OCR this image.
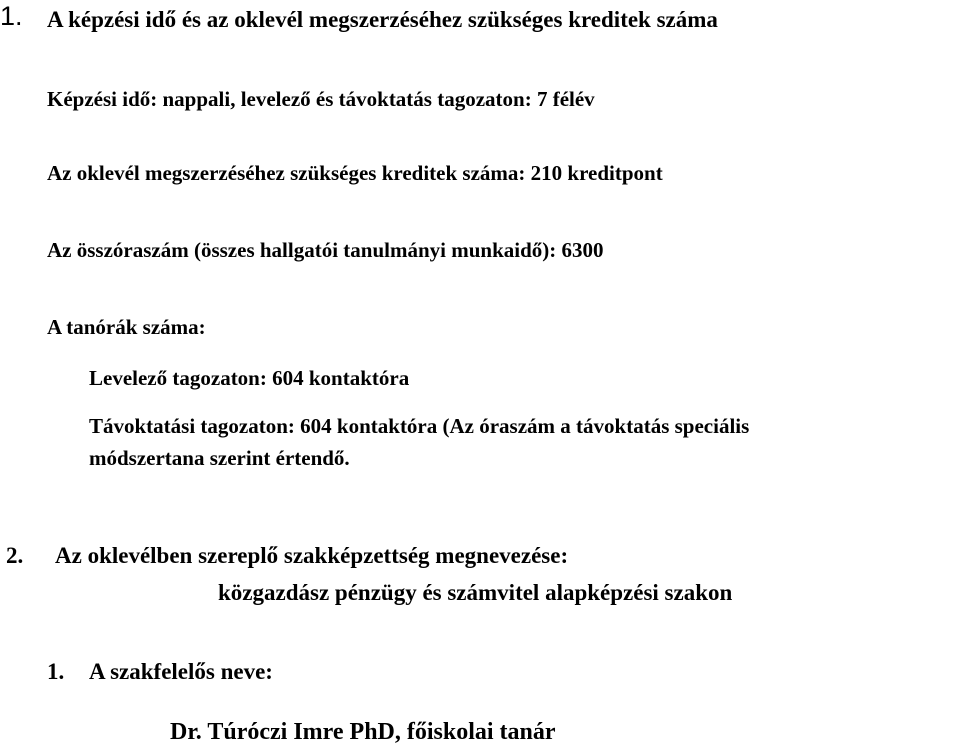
1. A képzési idő és az oklevél megszerzéséhez szükséges kreditek száma
Képzési idő: nappali, levelező és távoktatás tagozaton: 7 félév
Az oklevél megszerzéséhez szükséges kreditek száma: 210 kreditpont
Az összóraszám (összes hallgatói tanulmányi munkaidő): 6300
A tanórák száma:
Levelező tagozaton: 604 kontaktóra
Távoktatási tagozaton: 604 kontaktóra (Az óraszám a távoktatás speciális
módszertana szerint értendő.
2. Az oklevélben szereplő szakképzettség megnevezése:
közgazdász pénzügy és számvitel alapképzési szakon
1. A szakfelelős neve:
Dr. Túróczi Imre PhD, főiskolai tanár
